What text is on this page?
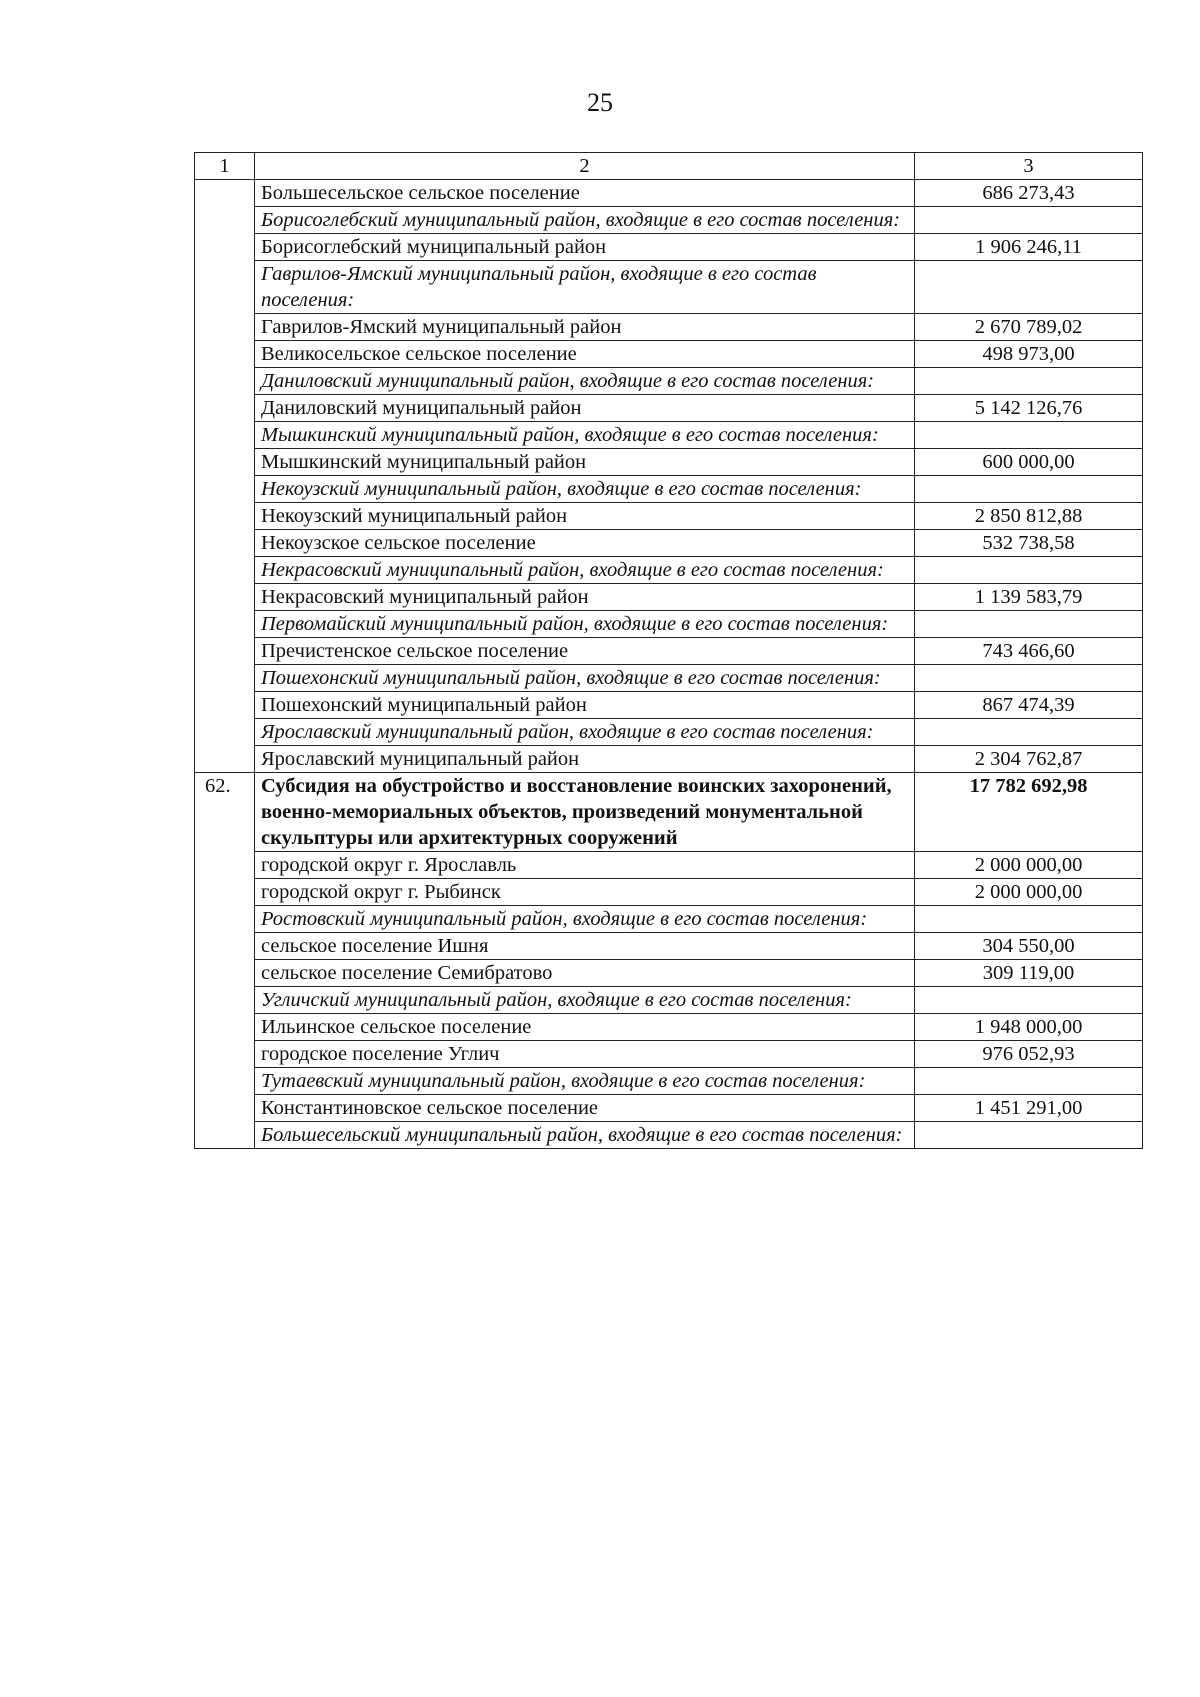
25
1	2	3
	Большесельское сельское поселение	686 273,43
	Борисоглебский муниципальный район, входящие в его состав поселения:	
	Борисоглебский муниципальный район	1 906 246,11
	Гаврилов-Ямский муниципальный район, входящие в его состав поселения:	
	Гаврилов-Ямский муниципальный район	2 670 789,02
	Великосельское сельское поселение	498 973,00
	Даниловский муниципальный район, входящие в его состав поселения:	
	Даниловский муниципальный район	5 142 126,76
	Мышкинский муниципальный район, входящие в его состав поселения:	
	Мышкинский муниципальный район	600 000,00
	Некоузский муниципальный район, входящие в его состав поселения:	
	Некоузский муниципальный район	2 850 812,88
	Некоузское сельское поселение	532 738,58
	Некрасовский муниципальный район, входящие в его состав поселения:	
	Некрасовский муниципальный район	1 139 583,79
	Первомайский муниципальный район, входящие в его состав поселения:	
	Пречистенское сельское поселение	743 466,60
	Пошехонский муниципальный район, входящие в его состав поселения:	
	Пошехонский муниципальный район	867 474,39
	Ярославский муниципальный район, входящие в его состав поселения:	
	Ярославский муниципальный район	2 304 762,87
62.	Субсидия на обустройство и восстановление воинских захоронений, военно-мемориальных объектов, произведений монументальной скульптуры или архитектурных сооружений	17 782 692,98
	городской округ г. Ярославль	2 000 000,00
	городской округ г. Рыбинск	2 000 000,00
	Ростовский муниципальный район, входящие в его состав поселения:	
	сельское поселение Ишня	304 550,00
	сельское поселение Семибратово	309 119,00
	Угличский муниципальный район, входящие в его состав поселения:	
	Ильинское сельское поселение	1 948 000,00
	городское поселение Углич	976 052,93
	Тутаевский муниципальный район, входящие в его состав поселения:	
	Константиновское сельское поселение	1 451 291,00
	Большесельский муниципальный район, входящие в его состав поселения:	
